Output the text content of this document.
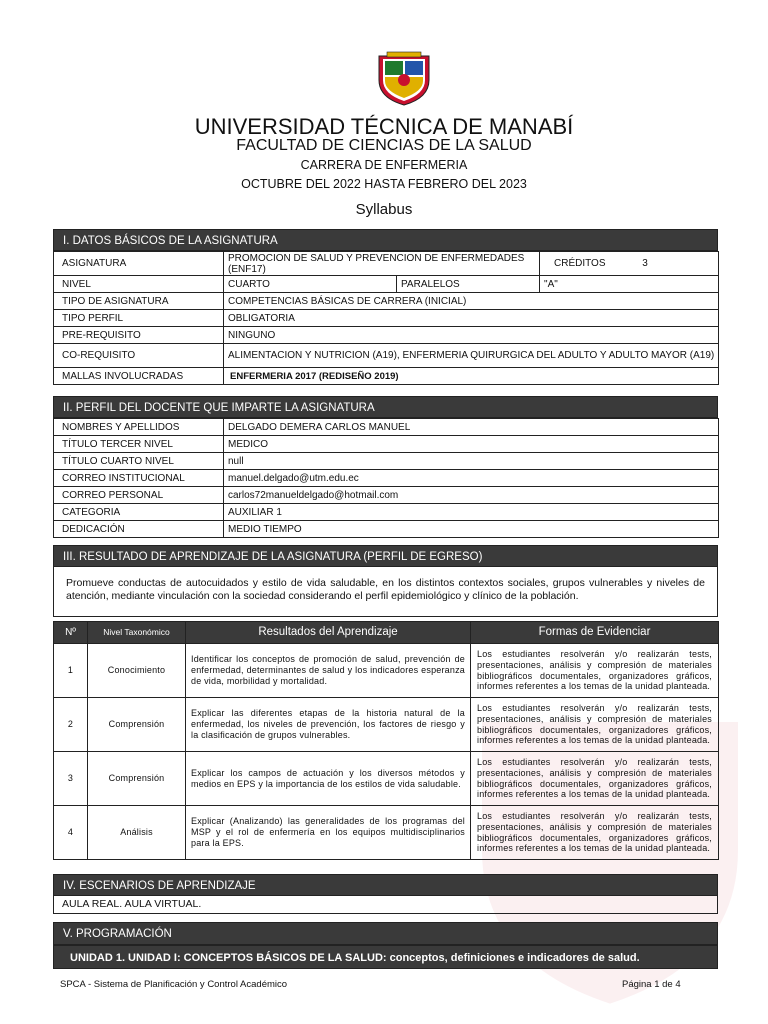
UNIVERSIDAD TÉCNICA DE MANABÍ
FACULTAD DE CIENCIAS DE LA SALUD
CARRERA DE ENFERMERIA
OCTUBRE DEL 2022 HASTA FEBRERO DEL 2023
Syllabus
I. DATOS BÁSICOS DE LA ASIGNATURA
ASIGNATURA	PROMOCION DE SALUD Y PREVENCION DE ENFERMEDADES (ENF17)		CRÉDITOS 3
NIVEL	CUARTO	PARALELOS	"A"
TIPO DE ASIGNATURA	COMPETENCIAS BÁSICAS DE CARRERA (INICIAL)		
TIPO PERFIL	OBLIGATORIA		
PRE-REQUISITO	NINGUNO		
CO-REQUISITO	ALIMENTACION Y NUTRICION (A19), ENFERMERIA QUIRURGICA DEL ADULTO Y ADULTO MAYOR (A19)		
MALLAS INVOLUCRADAS	ENFERMERIA 2017 (REDISEÑO 2019)		
II. PERFIL DEL DOCENTE QUE IMPARTE LA ASIGNATURA
NOMBRES Y APELLIDOS	DELGADO DEMERA CARLOS MANUEL
TÍTULO TERCER NIVEL	MEDICO
TÍTULO CUARTO NIVEL	null
CORREO INSTITUCIONAL	manuel.delgado@utm.edu.ec
CORREO PERSONAL	carlos72manueldelgado@hotmail.com
CATEGORIA	AUXILIAR 1
DEDICACIÓN	MEDIO TIEMPO
III. RESULTADO DE APRENDIZAJE DE LA ASIGNATURA (PERFIL DE EGRESO)
Promueve conductas de autocuidados y estilo de vida saludable, en los distintos contextos sociales, grupos vulnerables y niveles de atención, mediante vinculación con la sociedad considerando el perfil epidemiológico y clínico de la población.
Nº	Nivel Taxonómico	Resultados del Aprendizaje	Formas de Evidenciar
1	Conocimiento	Identificar los conceptos de promoción de salud, prevención de enfermedad, determinantes de salud y los indicadores esperanza de vida, morbilidad y mortalidad.	Los estudiantes resolverán y/o realizarán tests, presentaciones, análisis y compresión de materiales bibliográficos documentales, organizadores gráficos, informes referentes a los temas de la unidad planteada.
2	Comprensión	Explicar las diferentes etapas de la historia natural de la enfermedad, los niveles de prevención, los factores de riesgo y la clasificación de grupos vulnerables.	Los estudiantes resolverán y/o realizarán tests, presentaciones, análisis y compresión de materiales bibliográficos documentales, organizadores gráficos, informes referentes a los temas de la unidad planteada.
3	Comprensión	Explicar los campos de actuación y los diversos métodos y medios en EPS y la importancia de los estilos de vida saludable.	Los estudiantes resolverán y/o realizarán tests, presentaciones, análisis y compresión de materiales bibliográficos documentales, organizadores gráficos, informes referentes a los temas de la unidad planteada.
4	Análisis	Explicar (Analizando) las generalidades de los programas del MSP y el rol de enfermería en los equipos multidisciplinarios para la EPS.	Los estudiantes resolverán y/o realizarán tests, presentaciones, análisis y compresión de materiales bibliográficos documentales, organizadores gráficos, informes referentes a los temas de la unidad planteada.
IV. ESCENARIOS DE APRENDIZAJE
AULA REAL. AULA VIRTUAL.
V. PROGRAMACIÓN
UNIDAD 1. UNIDAD I: CONCEPTOS BÁSICOS DE LA SALUD: conceptos, definiciones e indicadores de salud.
SPCA - Sistema de Planificación y Control Académico	Página 1 de 4
